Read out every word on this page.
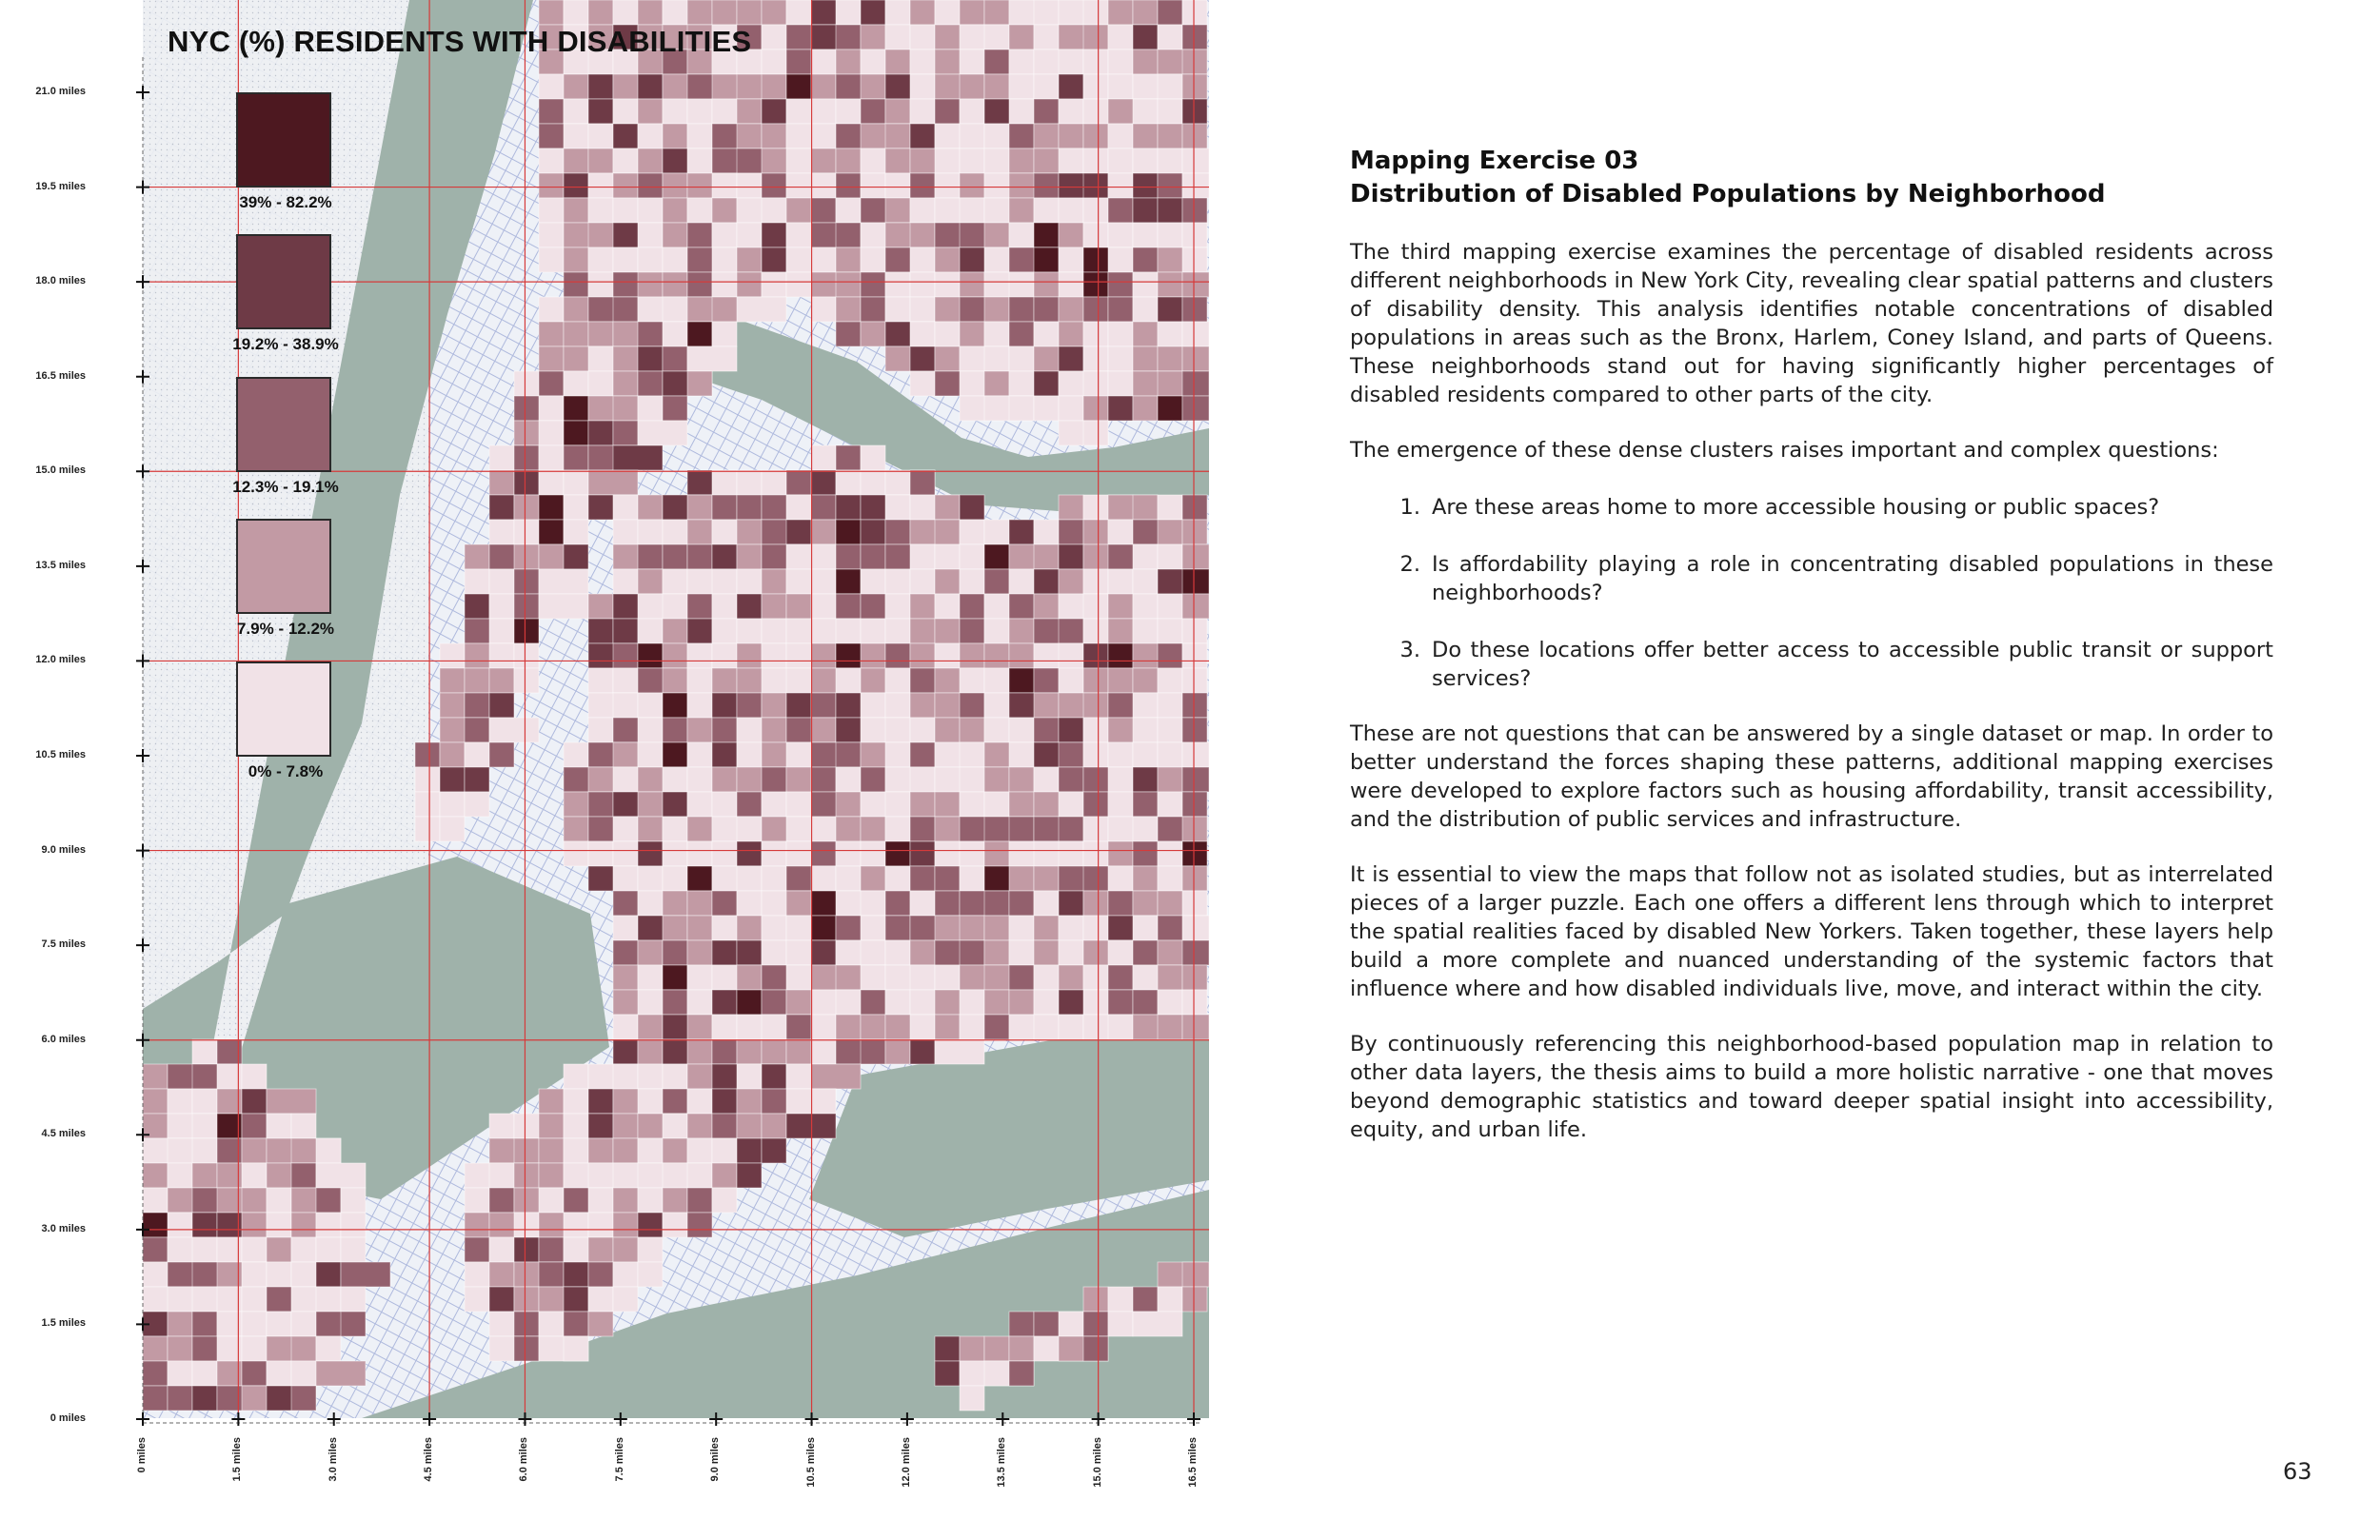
NYC (%) RESIDENTS WITH DISABILITIES
39% - 82.2%
19.2% - 38.9%
12.3% - 19.1%
7.9% - 12.2%
0% - 7.8%
21.0 miles
19.5 miles
18.0 miles
16.5 miles
15.0 miles
13.5 miles
12.0 miles
10.5 miles
9.0 miles
7.5 miles
6.0 miles
4.5 miles
3.0 miles
1.5 miles
0 miles
0 miles	1.5 miles	3.0 miles	4.5 miles	6.0 miles	7.5 miles	9.0 miles	10.5 miles	12.0 miles	13.5 miles	15.0 miles	16.5 miles

Mapping Exercise 03

Distribution of Disabled Populations by Neighborhood

The third mapping exercise examines the percentage of disabled residents across different neighborhoods in New York City, revealing clear spatial patterns and clusters of disability density. This analysis identifies notable concentrations of disabled populations in areas such as the Bronx, Harlem, Coney Island, and parts of Queens. These neighborhoods stand out for having significantly higher percentages of disabled residents compared to other parts of the city.

The emergence of these dense clusters raises important and complex questions:

1. Are these areas home to more accessible housing or public spaces?
2. Is affordability playing a role in concentrating disabled populations in these neighborhoods?
3. Do these locations offer better access to accessible public transit or support services?

These are not questions that can be answered by a single dataset or map. In order to better understand the forces shaping these patterns, additional mapping exercises were developed to explore factors such as housing affordability, transit accessibility, and the distribution of public services and infrastructure.

It is essential to view the maps that follow not as isolated studies, but as interrelated pieces of a larger puzzle. Each one offers a different lens through which to interpret the spatial realities faced by disabled New Yorkers. Taken together, these layers help build a more complete and nuanced understanding of the systemic factors that influence where and how disabled individuals live, move, and interact within the city.

By continuously referencing this neighborhood-based population map in relation to other data layers, the thesis aims to build a more holistic narrative - one that moves beyond demographic statistics and toward deeper spatial insight into accessibility, equity, and urban life.

63
